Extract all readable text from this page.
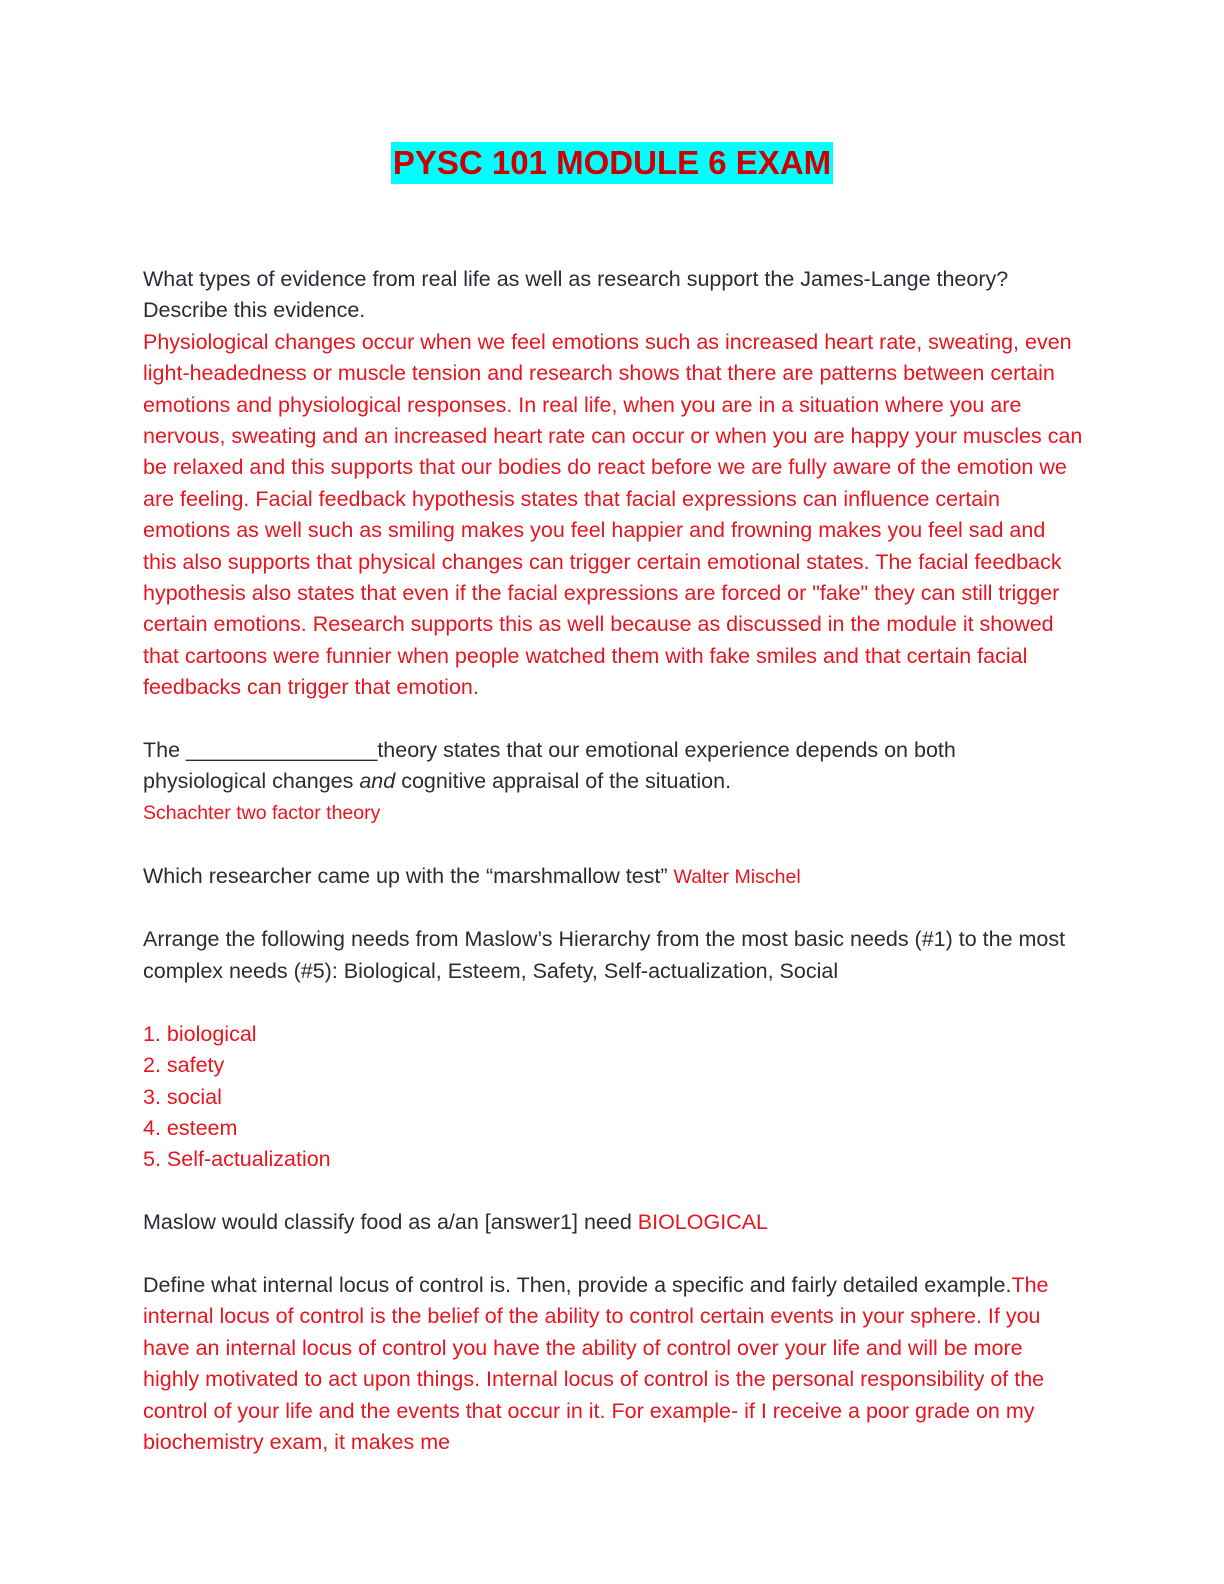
PYSC 101 MODULE 6 EXAM

What types of evidence from real life as well as research support the James-Lange theory? Describe this evidence.

Physiological changes occur when we feel emotions such as increased heart rate, sweating, even light-headedness or muscle tension and research shows that there are patterns between certain emotions and physiological responses. In real life, when you are in a situation where you are nervous, sweating and an increased heart rate can occur or when you are happy your muscles can be relaxed and this supports that our bodies do react before we are fully aware of the emotion we are feeling. Facial feedback hypothesis states that facial expressions can influence certain emotions as well such as smiling makes you feel happier and frowning makes you feel sad and this also supports that physical changes can trigger certain emotional states. The facial feedback hypothesis also states that even if the facial expressions are forced or "fake" they can still trigger certain emotions. Research supports this as well because as discussed in the module it showed that cartoons were funnier when people watched them with fake smiles and that certain facial feedbacks can trigger that emotion.

The ________________theory states that our emotional experience depends on both physiological changes and cognitive appraisal of the situation.

Schachter two factor theory

Which researcher came up with the “marshmallow test” Walter Mischel

Arrange the following needs from Maslow’s Hierarchy from the most basic needs (#1) to the most complex needs (#5): Biological, Esteem, Safety, Self-actualization, Social

1. biological
2. safety
3. social
4. esteem
5. Self-actualization

Maslow would classify food as a/an [answer1] need BIOLOGICAL

Define what internal locus of control is. Then, provide a specific and fairly detailed example.The internal locus of control is the belief of the ability to control certain events in your sphere. If you have an internal locus of control you have the ability of control over your life and will be more highly motivated to act upon things. Internal locus of control is the personal responsibility of the control of your life and the events that occur in it. For example- if I receive a poor grade on my biochemistry exam, it makes me
